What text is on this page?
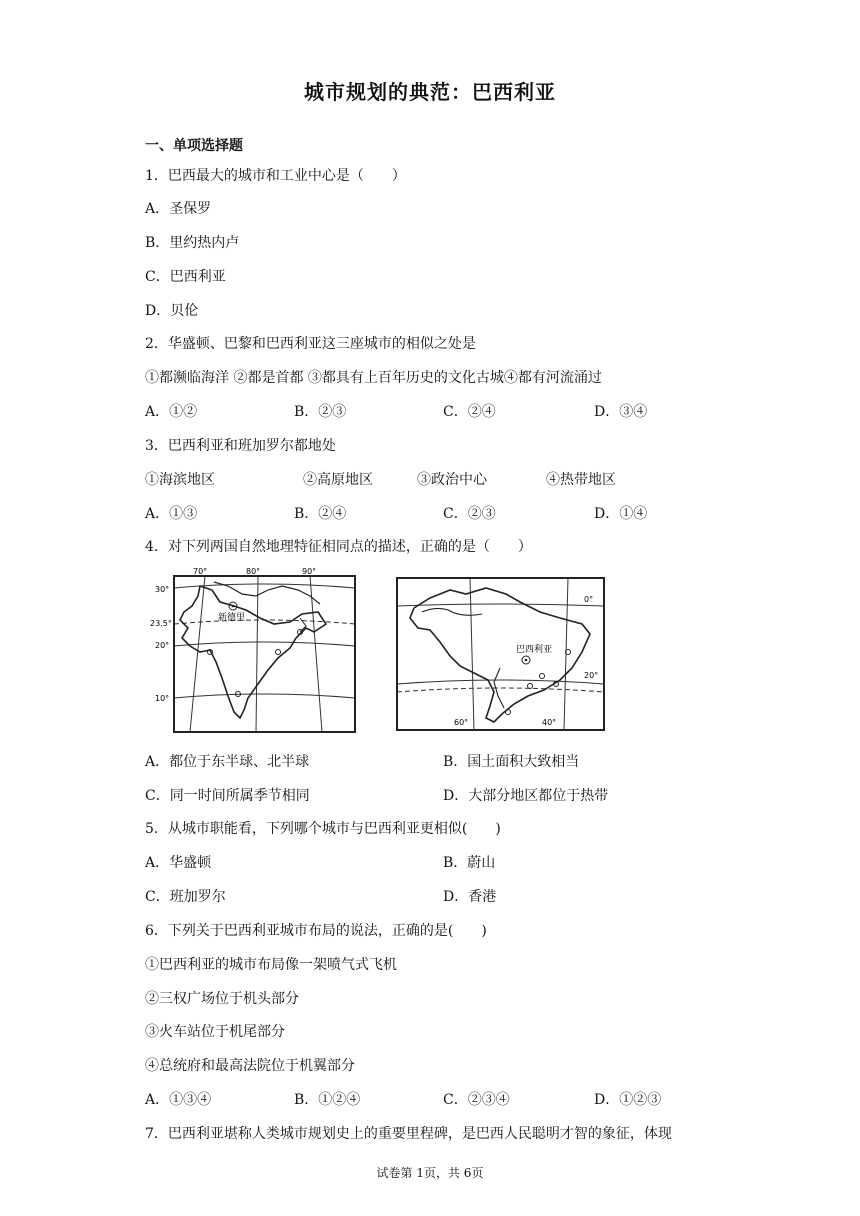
城市规划的典范：巴西利亚
一、单项选择题
1．巴西最大的城市和工业中心是（　　）
A．圣保罗
B．里约热内卢
C．巴西利亚
D．贝伦
2．华盛顿、巴黎和巴西利亚这三座城市的相似之处是
①都濒临海洋 ②都是首都 ③都具有上百年历史的文化古城④都有河流涌过
A．①②	B．②③	C．②④	D．③④
3．巴西利亚和班加罗尔都地处
①海滨地区	②高原地区	③政治中心	④热带地区
A．①③	B．②④	C．②③	D．①④
4．对下列两国自然地理特征相同点的描述，正确的是（　　）
70°	80°	90°
30°
23.5°
20°
10°
新德里
0°
20°
60°	40°
巴西利亚
A．都位于东半球、北半球	B．国土面积大致相当
C．同一时间所属季节相同	D．大部分地区都位于热带
5．从城市职能看，下列哪个城市与巴西利亚更相似(　　)
A．华盛顿	B．蔚山
C．班加罗尔	D．香港
6．下列关于巴西利亚城市布局的说法，正确的是(　　)
①巴西利亚的城市布局像一架喷气式飞机
②三权广场位于机头部分
③火车站位于机尾部分
④总统府和最高法院位于机翼部分
A．①③④	B．①②④	C．②③④	D．①②③
7．巴西利亚堪称人类城市规划史上的重要里程碑，是巴西人民聪明才智的象征，体现
试卷第 1页，共 6页
